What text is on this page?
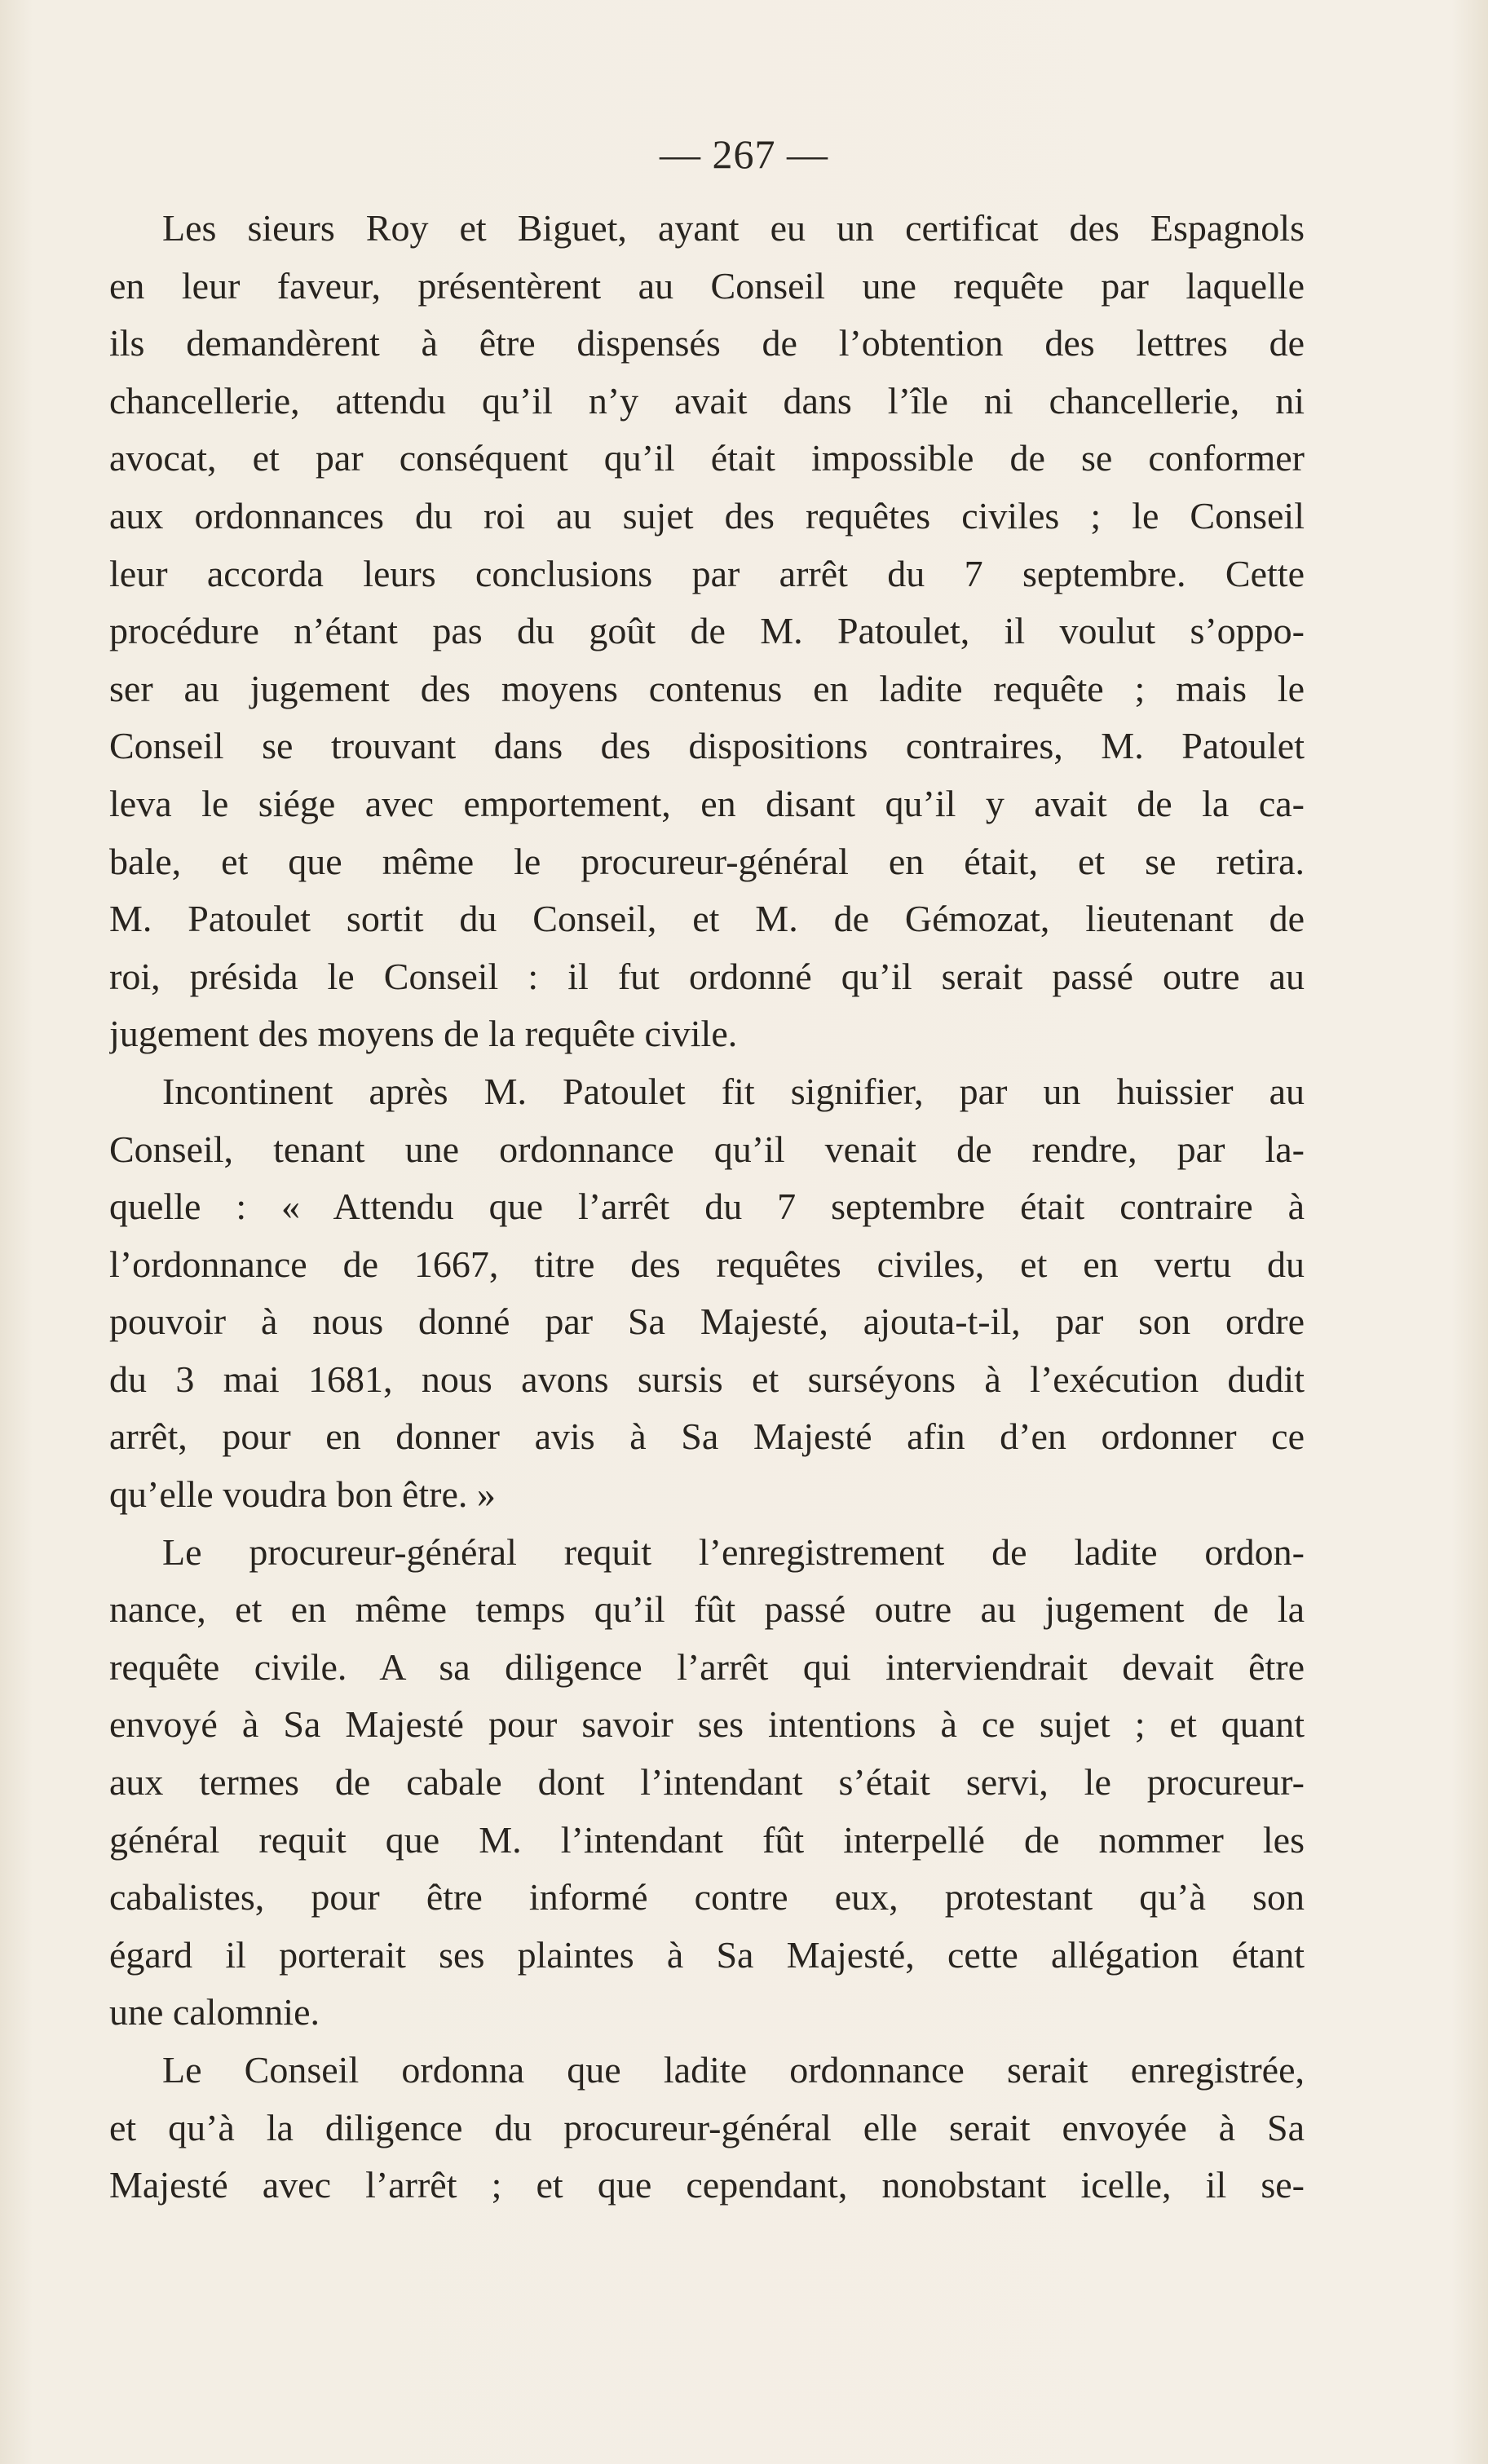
— 267 —
Les sieurs Roy et Biguet, ayant eu un certificat des Espagnols
en leur faveur, présentèrent au Conseil une requête par laquelle
ils demandèrent à être dispensés de l’obtention des lettres de
chancellerie, attendu qu’il n’y avait dans l’île ni chancellerie, ni
avocat, et par conséquent qu’il était impossible de se conformer
aux ordonnances du roi au sujet des requêtes civiles ; le Conseil
leur accorda leurs conclusions par arrêt du 7 septembre. Cette
procédure n’étant pas du goût de M. Patoulet, il voulut s’oppo-
ser au jugement des moyens contenus en ladite requête ; mais le
Conseil se trouvant dans des dispositions contraires, M. Patoulet
leva le siége avec emportement, en disant qu’il y avait de la ca-
bale, et que même le procureur-général en était, et se retira.
M. Patoulet sortit du Conseil, et M. de Gémozat, lieutenant de
roi, présida le Conseil : il fut ordonné qu’il serait passé outre au
jugement des moyens de la requête civile.
Incontinent après M. Patoulet fit signifier, par un huissier au
Conseil, tenant une ordonnance qu’il venait de rendre, par la-
quelle : « Attendu que l’arrêt du 7 septembre était contraire à
l’ordonnance de 1667, titre des requêtes civiles, et en vertu du
pouvoir à nous donné par Sa Majesté, ajouta-t-il, par son ordre
du 3 mai 1681, nous avons sursis et surséyons à l’exécution dudit
arrêt, pour en donner avis à Sa Majesté afin d’en ordonner ce
qu’elle voudra bon être. »
Le procureur-général requit l’enregistrement de ladite ordon-
nance, et en même temps qu’il fût passé outre au jugement de la
requête civile. A sa diligence l’arrêt qui interviendrait devait être
envoyé à Sa Majesté pour savoir ses intentions à ce sujet ; et quant
aux termes de cabale dont l’intendant s’était servi, le procureur-
général requit que M. l’intendant fût interpellé de nommer les
cabalistes, pour être informé contre eux, protestant qu’à son
égard il porterait ses plaintes à Sa Majesté, cette allégation étant
une calomnie.
Le Conseil ordonna que ladite ordonnance serait enregistrée,
et qu’à la diligence du procureur-général elle serait envoyée à Sa
Majesté avec l’arrêt ; et que cependant, nonobstant icelle, il se-
